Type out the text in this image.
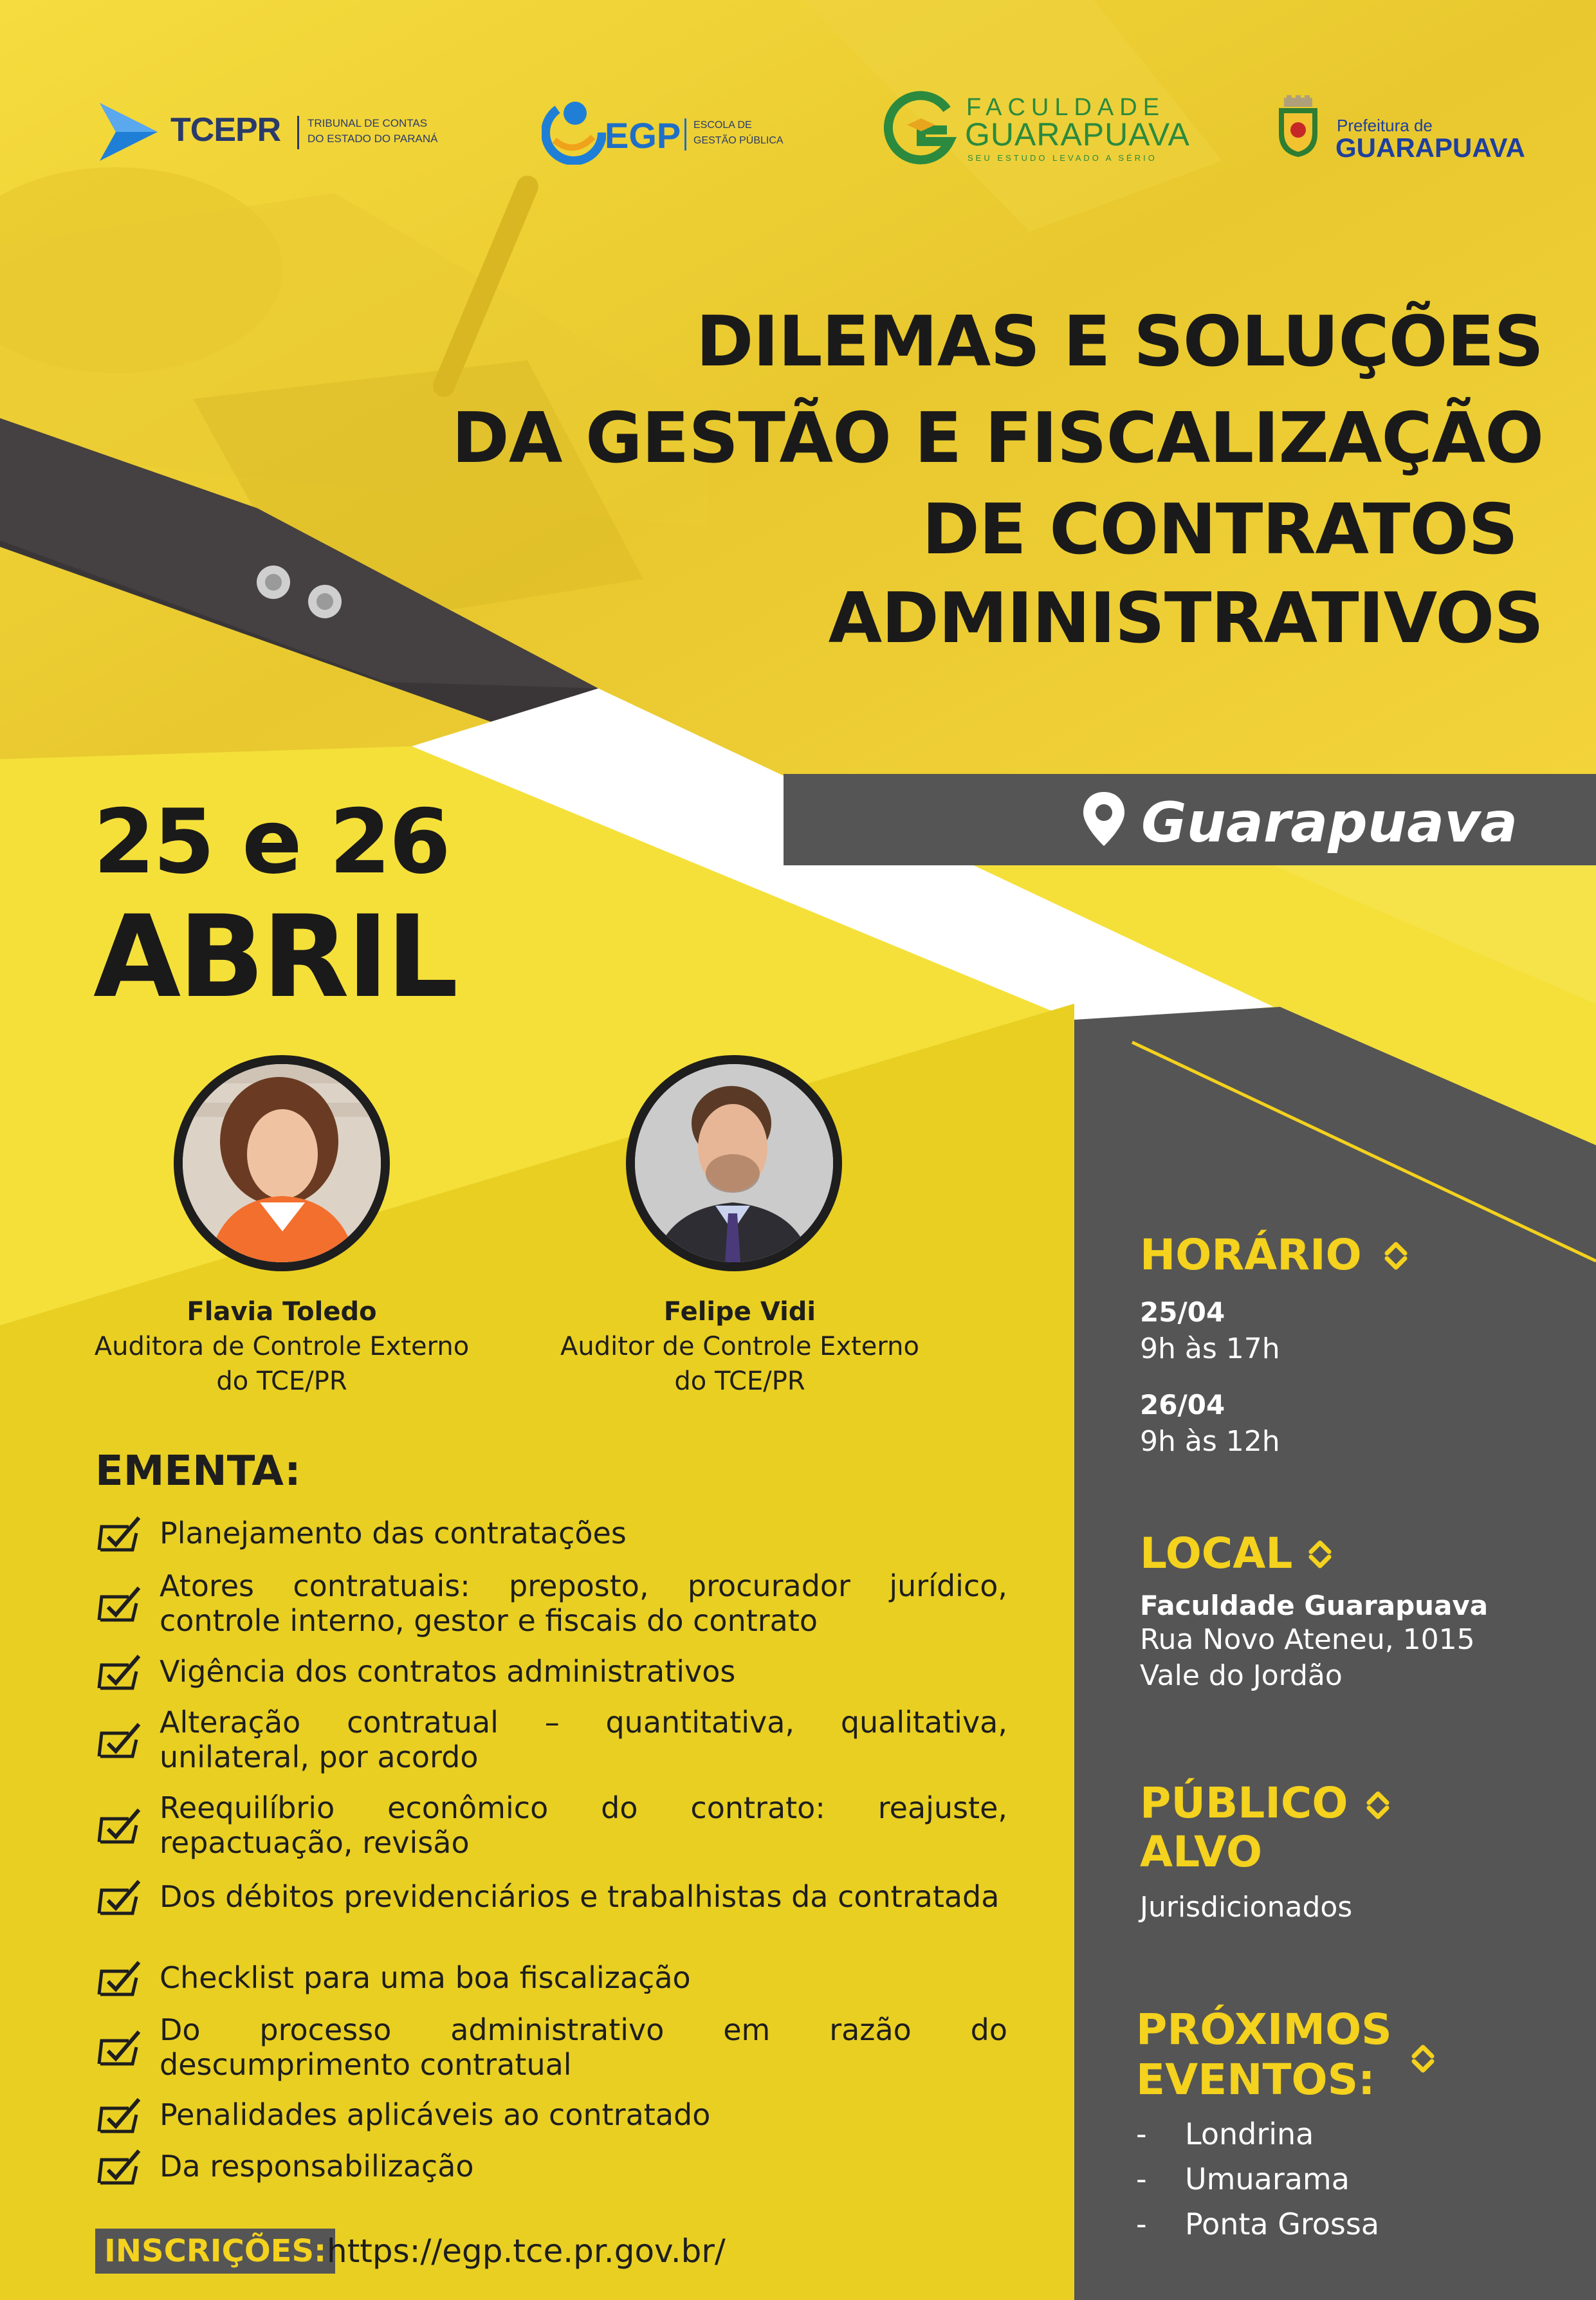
TCEPR TRIBUNAL DE CONTAS
DO ESTADO DO PARANÁ	EGP ESCOLA DE
GESTÃO PÚBLICA
FACULDADE
GUARAPUAVA
SEU ESTUDO LEVADO A SÉRIO
Prefeitura de
GUARAPUAVA
DILEMAS E SOLUÇÕES
DA GESTÃO E FISCALIZAÇÃO
DE CONTRATOS
ADMINISTRATIVOS
Guarapuava
25 e 26
ABRIL
Flavia Toledo
Auditora de Controle Externo
do TCE/PR
Felipe Vidi
Auditor de Controle Externo
do TCE/PR
EMENTA:
Planejamento das contratações
Atores contratuais: preposto, procurador jurídico, controle interno, gestor e fiscais do contrato
Vigência dos contratos administrativos
Alteração contratual – quantitativa, qualitativa, unilateral, por acordo
Reequilíbrio econômico do contrato: reajuste, repactuação, revisão
Dos débitos previdenciários e trabalhistas da contratada
Checklist para uma boa fiscalização
Do processo administrativo em razão do descumprimento contratual
Penalidades aplicáveis ao contratado
Da responsabilização
INSCRIÇÕES: https://egp.tce.pr.gov.br/
HORÁRIO
25/04
9h às 17h
26/04
9h às 12h
LOCAL
Faculdade Guarapuava
Rua Novo Ateneu, 1015
Vale do Jordão
PÚBLICO
ALVO
Jurisdicionados
PRÓXIMOS
EVENTOS:
- Londrina
- Umuarama
- Ponta Grossa
